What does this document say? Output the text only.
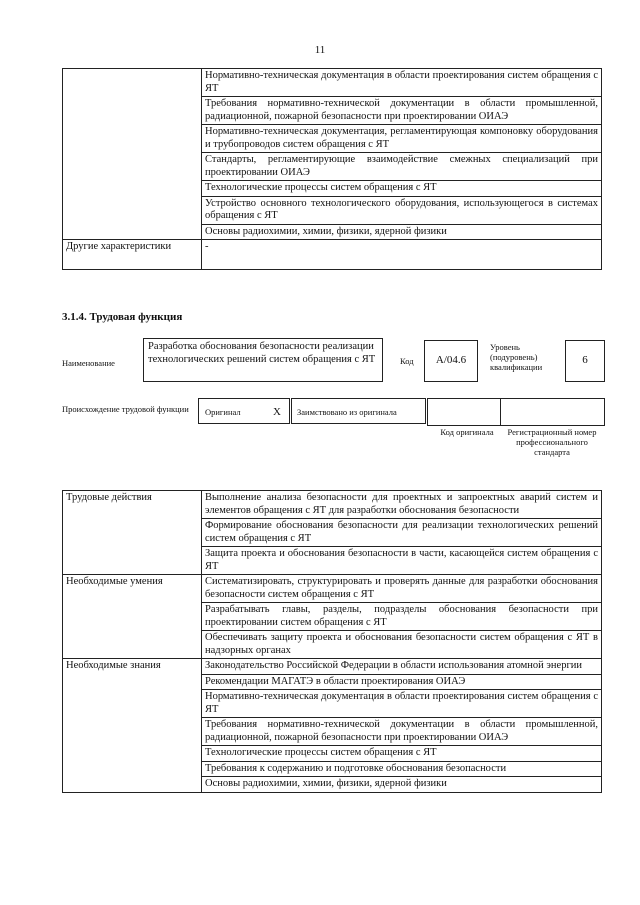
11
	Нормативно-техническая документация в области проектирования систем обращения с ЯТ
	Требования нормативно-технической документации в области промышленной, радиационной, пожарной безопасности при проектировании ОИАЭ
	Нормативно-техническая документация, регламентирующая компоновку оборудования и трубопроводов систем обращения с ЯТ
	Стандарты, регламентирующие взаимодействие смежных специализаций при проектировании ОИАЭ
	Технологические процессы систем обращения с ЯТ
	Устройство основного технологического оборудования, использующегося в системах обращения с ЯТ
	Основы радиохимии, химии, физики, ядерной физики
Другие характеристики	-
3.1.4. Трудовая функция
Наименование
Разработка обоснования безопасности реализации технологических решений систем обращения с ЯТ	Код	А/04.6
Уровень (подуровень) квалификации
6
Происхождение трудовой функции	Оригинал	X	Заимствовано из оригинала
Код оригинала	Регистрационный номер профессионального стандарта
Трудовые действия	Выполнение анализа безопасности для проектных и запроектных аварий систем и элементов обращения с ЯТ для разработки обоснования безопасности
	Формирование обоснования безопасности для реализации технологических решений систем обращения с ЯТ
	Защита проекта и обоснования безопасности в части, касающейся систем обращения с ЯТ
Необходимые умения	Систематизировать, структурировать и проверять данные для разработки обоснования безопасности систем обращения с ЯТ
	Разрабатывать главы, разделы, подразделы обоснования безопасности при проектировании систем обращения с ЯТ
	Обеспечивать защиту проекта и обоснования безопасности систем обращения с ЯТ в надзорных органах
Необходимые знания	Законодательство Российской Федерации в области использования атомной энергии
	Рекомендации МАГАТЭ в области проектирования ОИАЭ
	Нормативно-техническая документация в области проектирования систем обращения с ЯТ
	Требования нормативно-технической документации в области промышленной, радиационной, пожарной безопасности при проектировании ОИАЭ
	Технологические процессы систем обращения с ЯТ
	Требования к содержанию и подготовке обоснования безопасности
	Основы радиохимии, химии, физики, ядерной физики
